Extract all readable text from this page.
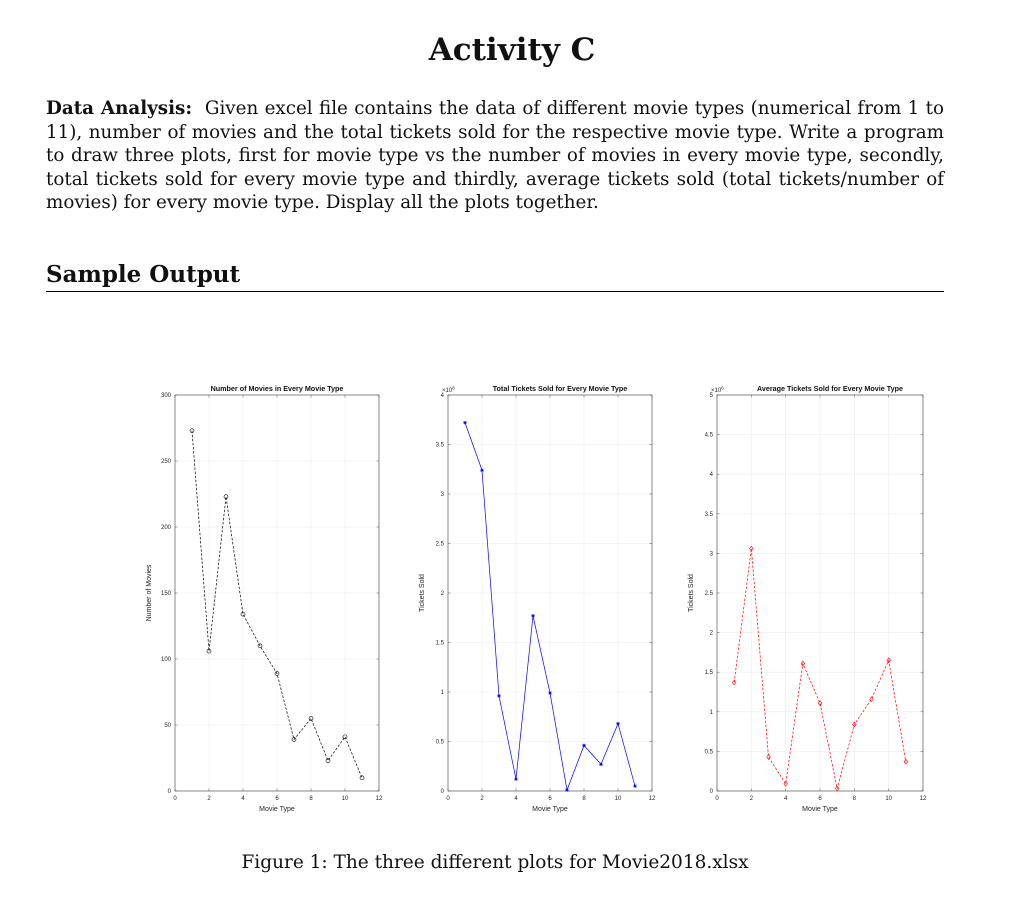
Activity C

Data Analysis: Given excel file contains the data of different movie types (numerical from 1 to 11), number of movies and the total tickets sold for the respective movie type. Write a program to draw three plots, first for movie type vs the number of movies in every movie type, secondly, total tickets sold for every movie type and thirdly, average tickets sold (total tickets/number of movies) for every movie type. Display all the plots together.

Sample Output
0	2	4	6	8	10	12
0
50
100
150
200
250
300
Number of Movies in Every Movie Type
Movie Type
Number of Movies
0	2	4	6	8	10	12
0
0.5
1
1.5
2
2.5
3
3.5
4
$\times 10^8$	Total Tickets Sold for Every Movie Type
Movie Type
Tickets Sold
0	2	4	6	8	10	12
0
0.5
1
1.5
2
2.5
3
3.5
4
4.5
5
$\times 10^6$	Average Tickets Sold for Every Movie Type
Movie Type
Tickets Sold

Figure 1: The three different plots for Movie2018.xlsx
